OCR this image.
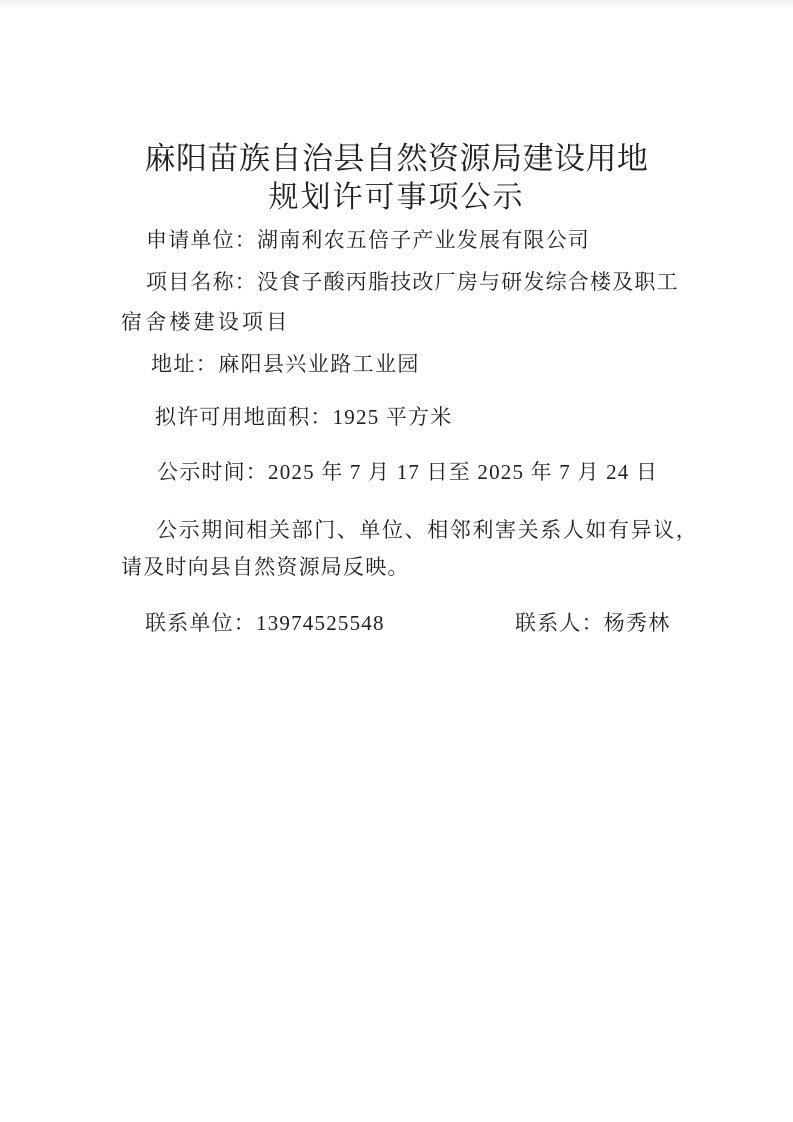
麻阳苗族自治县自然资源局建设用地
规划许可事项公示

申请单位：湖南利农五倍子产业发展有限公司

项目名称：没食子酸丙脂技改厂房与研发综合楼及职工

宿舍楼建设项目

地址：麻阳县兴业路工业园

拟许可用地面积：1925 平方米

公示时间：2025 年 7 月 17 日至 2025 年 7 月 24 日

公示期间相关部门、单位、相邻利害关系人如有异议，

请及时向县自然资源局反映。

联系单位：13974525548	联系人：杨秀林
